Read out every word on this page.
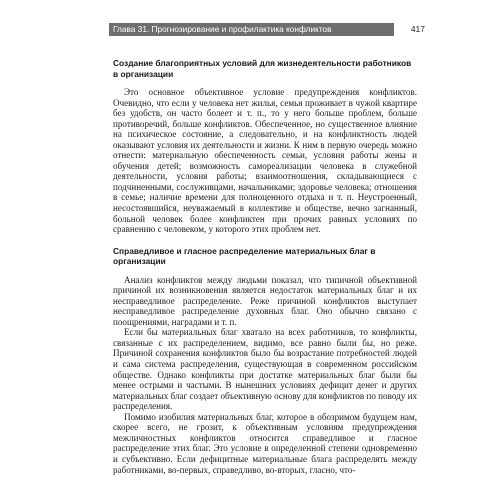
Глава 31. Прогнозирование и профилактика конфликтов	417

Создание благоприятных условий для жизнедеятельности работников в организации

Это основное объективное условие предупреждения конфликтов. Очевидно, что если у человека нет жилья, семья проживает в чужой квартире без удобств, он часто болеет и т. п., то у него больше проблем, больше противоречий, больше конфликтов. Обеспеченное, но существенное влияние на психическое состояние, а следовательно, и на конфликтность людей оказывают условия их деятельности и жизни. К ним в первую очередь можно отнести: материальную обеспеченность семьи, условия работы жены и обучения детей; возможность самореализации человека в служебной деятельности, условия работы; взаимоотношения, складывающиеся с подчиненными, сослуживцами, начальниками; здоровье человека; отношения в семье; наличие времени для полноценного отдыха и т. п. Неустроенный, несостоявшийся, неуважаемый в коллективе и обществе, вечно загнанный, больной человек более конфликтен при прочих равных условиях по сравнению с человеком, у которого этих проблем нет.

Справедливое и гласное распределение материальных благ в организации

Анализ конфликтов между людьми показал, что типичной объективной причиной их возникновения является недостаток материальных благ и их несправедливое распределение. Реже причиной конфликтов выступает несправедливое распределение духовных благ. Оно обычно связано с поощрениями, наградами и т. п.

Если бы материальных благ хватало на всех работников, то конфликты, связанные с их распределением, видимо, все равно были бы, но реже. Причиной сохранения конфликтов было бы возрастание потребностей людей и сама система распределения, существующая в современном российском обществе. Однако конфликты при достатке материальных благ были бы менее острыми и частыми. В нынешних условиях дефицит денег и других материальных благ создает объективную основу для конфликтов по поводу их распределения.

Помимо изобилия материальных благ, которое в обозримом будущем нам, скорее всего, не грозит, к объективным условиям предупреждения межличностных конфликтов относится справедливое и гласное распределение этих благ. Это условие в определенной степени одновременно и субъективно. Если дефицитные материальные блага распределять между работниками, во-первых, справедливо, во-вторых, гласно, что-
